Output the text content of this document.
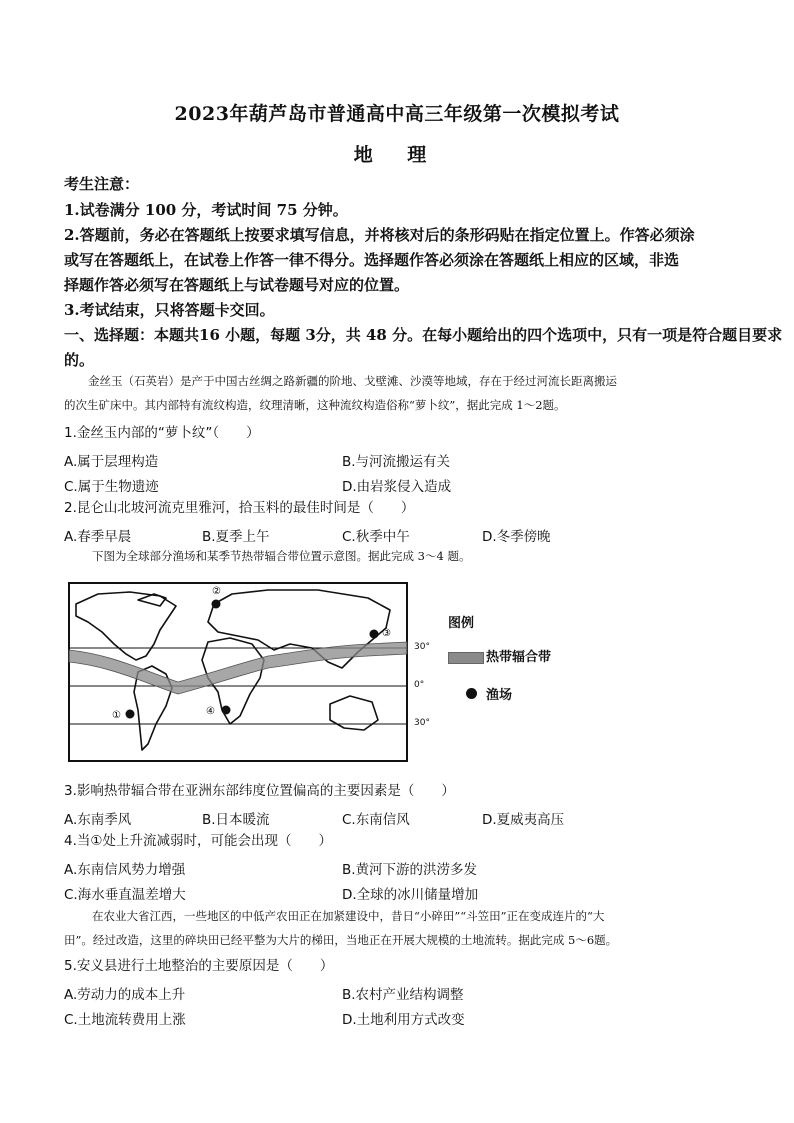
2023年葫芦岛市普通高中高三年级第一次模拟考试
地 理
考生注意：
1.试卷满分 100 分，考试时间 75 分钟。
2.答题前，务必在答题纸上按要求填写信息，并将核对后的条形码贴在指定位置上。作答必须涂
或写在答题纸上，在试卷上作答一律不得分。选择题作答必须涂在答题纸上相应的区域，非选
择题作答必须写在答题纸上与试卷题号对应的位置。
3.考试结束，只将答题卡交回。
一、选择题：本题共16 小题，每题 3分，共 48 分。在每小题给出的四个选项中，只有一项是符合题目要求
的。
金丝玉（石英岩）是产于中国古丝绸之路新疆的阶地、戈壁滩、沙漠等地域，存在于经过河流长距离搬运
的次生矿床中。其内部特有流纹构造，纹理清晰，这种流纹构造俗称“萝卜纹”，据此完成 1～2题。
1.金丝玉内部的“萝卜纹”（　　）
A.属于层理构造	B.与河流搬运有关
C.属于生物遗迹	D.由岩浆侵入造成
2.昆仑山北坡河流克里雅河，拾玉料的最佳时间是（　　）
A.春季早晨	B.夏季上午	C.秋季中午	D.冬季傍晚
下图为全球部分渔场和某季节热带辐合带位置示意图。据此完成 3～4 题。
①
②
③
④
30°
0°
30°
图例
热带辐合带
渔场
3.影响热带辐合带在亚洲东部纬度位置偏高的主要因素是（　　）
A.东南季风	B.日本暖流	C.东南信风	D.夏威夷高压
4.当①处上升流减弱时，可能会出现（　　）
A.东南信风势力增强	B.黄河下游的洪涝多发
C.海水垂直温差增大	D.全球的冰川储量增加
在农业大省江西，一些地区的中低产农田正在加紧建设中，昔日“小碎田”“斗笠田”正在变成连片的“大
田”。经过改造，这里的碎块田已经平整为大片的梯田，当地正在开展大规模的土地流转。据此完成 5～6题。
5.安义县进行土地整治的主要原因是（　　）
A.劳动力的成本上升	B.农村产业结构调整
C.土地流转费用上涨	D.土地利用方式改变
